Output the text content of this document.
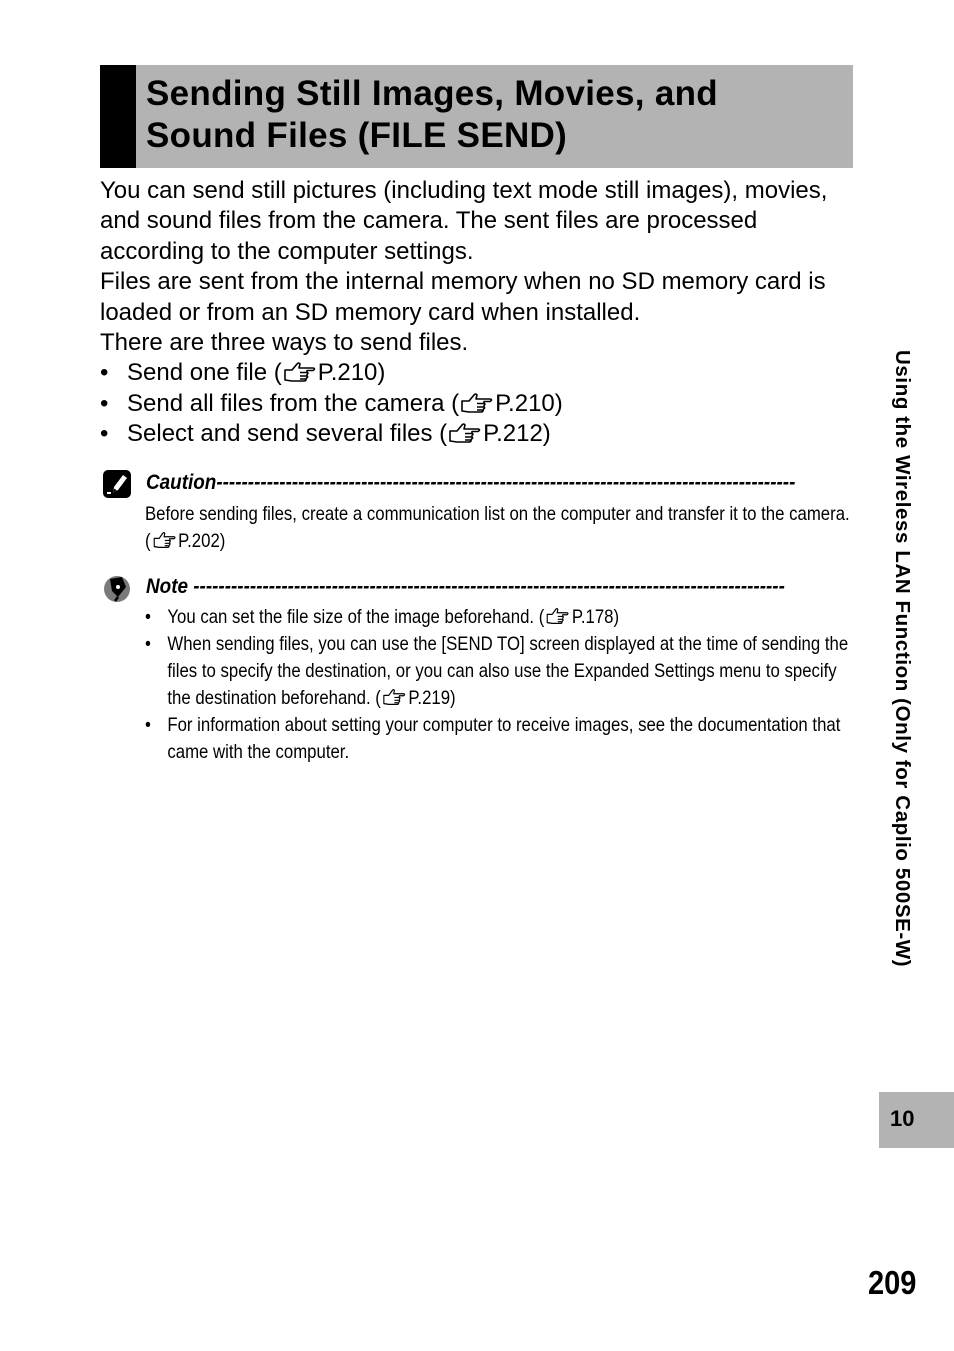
Sending Still Images, Movies, and
Sound Files (FILE SEND)

You can send still pictures (including text mode still images), movies, and sound files from the camera. The sent files are processed according to the computer settings.

Files are sent from the internal memory when no SD memory card is loaded or from an SD memory card when installed.

There are three ways to send files.

• Send one file ( P.210)
• Send all files from the camera ( P.210)
• Select and send several files ( P.212)
Caution--------------------------------------------------------------------------------------------
Before sending files, create a communication list on the computer and transfer it to the camera. ( P.202)
Note ----------------------------------------------------------------------------------------------
• You can set the file size of the image beforehand. ( P.178)
• When sending files, you can use the [SEND TO] screen displayed at the time of sending the files to specify the destination, or you can also use the Expanded Settings menu to specify the destination beforehand. ( P.219)
• For information about setting your computer to receive images, see the documentation that came with the computer.	Using the Wireless LAN Function (Only for Caplio 500SE-W)
10
209
